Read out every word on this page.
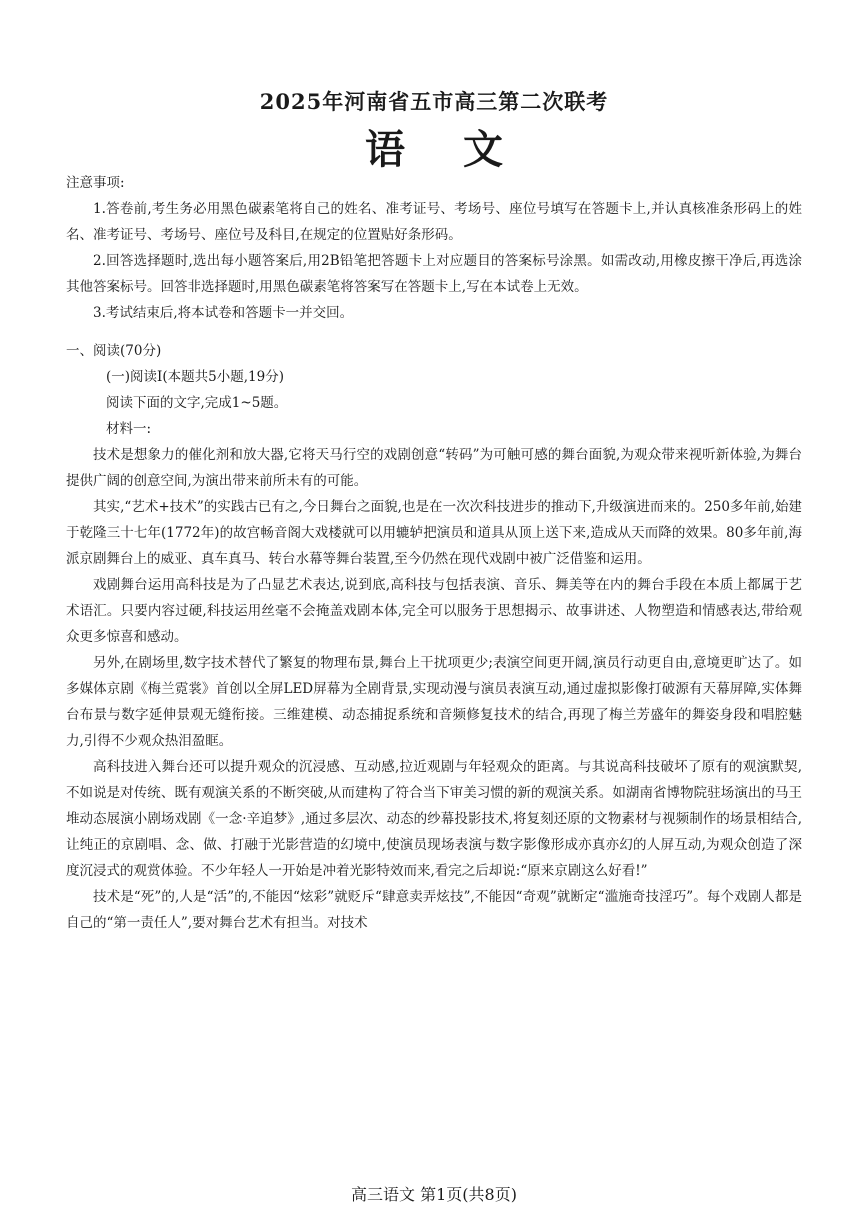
2025年河南省五市高三第二次联考
语文

注意事项:

1.答卷前,考生务必用黑色碳素笔将自己的姓名、准考证号、考场号、座位号填写在答题卡上,并认真核准条形码上的姓名、准考证号、考场号、座位号及科目,在规定的位置贴好条形码。

2.回答选择题时,选出每小题答案后,用2B铅笔把答题卡上对应题目的答案标号涂黑。如需改动,用橡皮擦干净后,再选涂其他答案标号。回答非选择题时,用黑色碳素笔将答案写在答题卡上,写在本试卷上无效。

3.考试结束后,将本试卷和答题卡一并交回。

一、阅读(70分)

(一)阅读Ⅰ(本题共5小题,19分)

阅读下面的文字,完成1~5题。

材料一:

技术是想象力的催化剂和放大器,它将天马行空的戏剧创意“转码”为可触可感的舞台面貌,为观众带来视听新体验,为舞台提供广阔的创意空间,为演出带来前所未有的可能。

其实,“艺术+技术”的实践古已有之,今日舞台之面貌,也是在一次次科技进步的推动下,升级演进而来的。250多年前,始建于乾隆三十七年(1772年)的故宫畅音阁大戏楼就可以用辘轳把演员和道具从顶上送下来,造成从天而降的效果。80多年前,海派京剧舞台上的威亚、真车真马、转台水幕等舞台装置,至今仍然在现代戏剧中被广泛借鉴和运用。

戏剧舞台运用高科技是为了凸显艺术表达,说到底,高科技与包括表演、音乐、舞美等在内的舞台手段在本质上都属于艺术语汇。只要内容过硬,科技运用丝毫不会掩盖戏剧本体,完全可以服务于思想揭示、故事讲述、人物塑造和情感表达,带给观众更多惊喜和感动。

另外,在剧场里,数字技术替代了繁复的物理布景,舞台上干扰项更少;表演空间更开阔,演员行动更自由,意境更旷达了。如多媒体京剧《梅兰霓裳》首创以全屏LED屏幕为全剧背景,实现动漫与演员表演互动,通过虚拟影像打破源有天幕屏障,实体舞台布景与数字延伸景观无缝衔接。三维建模、动态捕捉系统和音频修复技术的结合,再现了梅兰芳盛年的舞姿身段和唱腔魅力,引得不少观众热泪盈眶。

高科技进入舞台还可以提升观众的沉浸感、互动感,拉近观剧与年轻观众的距离。与其说高科技破坏了原有的观演默契,不如说是对传统、既有观演关系的不断突破,从而建构了符合当下审美习惯的新的观演关系。如湖南省博物院驻场演出的马王堆动态展演小剧场戏剧《一念·辛追梦》,通过多层次、动态的纱幕投影技术,将复刻还原的文物素材与视频制作的场景相结合,让纯正的京剧唱、念、做、打融于光影营造的幻境中,使演员现场表演与数字影像形成亦真亦幻的人屏互动,为观众创造了深度沉浸式的观赏体验。不少年轻人一开始是冲着光影特效而来,看完之后却说:“原来京剧这么好看!”

技术是“死”的,人是“活”的,不能因“炫彩”就贬斥“肆意卖弄炫技”,不能因“奇观”就断定“滥施奇技淫巧”。每个戏剧人都是自己的“第一责任人”,要对舞台艺术有担当。对技术

高三语文 第1页(共8页)
